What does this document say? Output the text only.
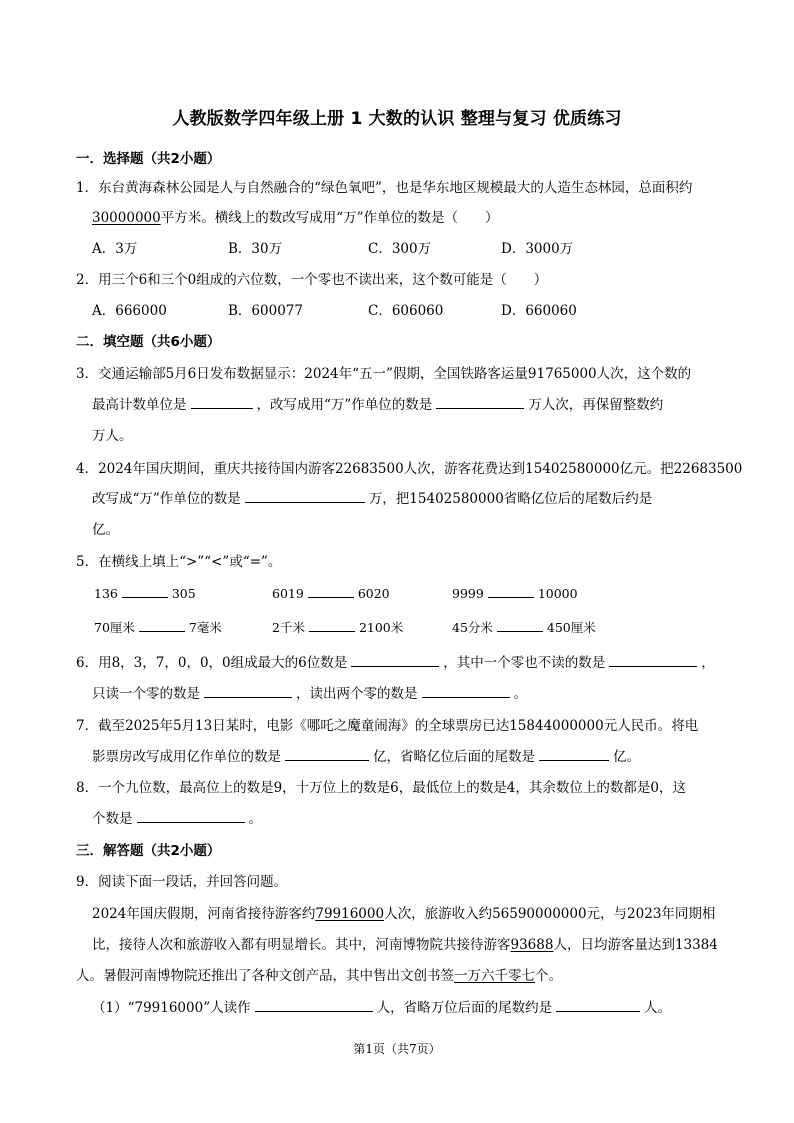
人教版数学四年级上册 1 大数的认识 整理与复习 优质练习
一．选择题（共2小题）
1．东台黄海森林公园是人与自然融合的“绿色氧吧”，也是华东地区规模最大的人造生态林园，总面积约
30000000平方米。横线上的数改写成用“万”作单位的数是（　　）
A．3万	B．30万	C．300万	D．3000万
2．用三个6和三个0组成的六位数，一个零也不读出来，这个数可能是（　　）
A．666000	B．600077	C．606060	D．660060
二．填空题（共6小题）
3．交通运输部5月6日发布数据显示：2024年“五一”假期，全国铁路客运量91765000人次，这个数的
最高计数单位是	，改写成用“万”作单位的数是	万人次，再保留整数约
万人。
4．2024年国庆期间，重庆共接待国内游客22683500人次，游客花费达到15402580000亿元。把22683500
改写成“万”作单位的数是	万，把15402580000省略亿位后的尾数后约是
亿。
5．在横线上填上“>”“<”或“=”。
136	305	6019	6020	9999	10000
70厘米	7毫米	2千米	2100米	45分米	450厘米
6．用8，3，7，0，0，0组成最大的6位数是	，其中一个零也不读的数是	，
只读一个零的数是	，读出两个零的数是	。
7．截至2025年5月13日某时，电影《哪吒之魔童闹海》的全球票房已达15844000000元人民币。将电
影票房改写成用亿作单位的数是	亿，省略亿位后面的尾数是	亿。
8．一个九位数，最高位上的数是9，十万位上的数是6，最低位上的数是4，其余数位上的数都是0，这
个数是	。
三．解答题（共2小题）
9．阅读下面一段话，并回答问题。
2024年国庆假期，河南省接待游客约79916000人次，旅游收入约56590000000元，与2023年同期相
比，接待人次和旅游收入都有明显增长。其中，河南博物院共接待游客93688人，日均游客量达到13384
人。暑假河南博物院还推出了各种文创产品，其中售出文创书签一万六千零七个。
（1）“79916000”人读作	人，省略万位后面的尾数约是	人。
第1页（共7页）
